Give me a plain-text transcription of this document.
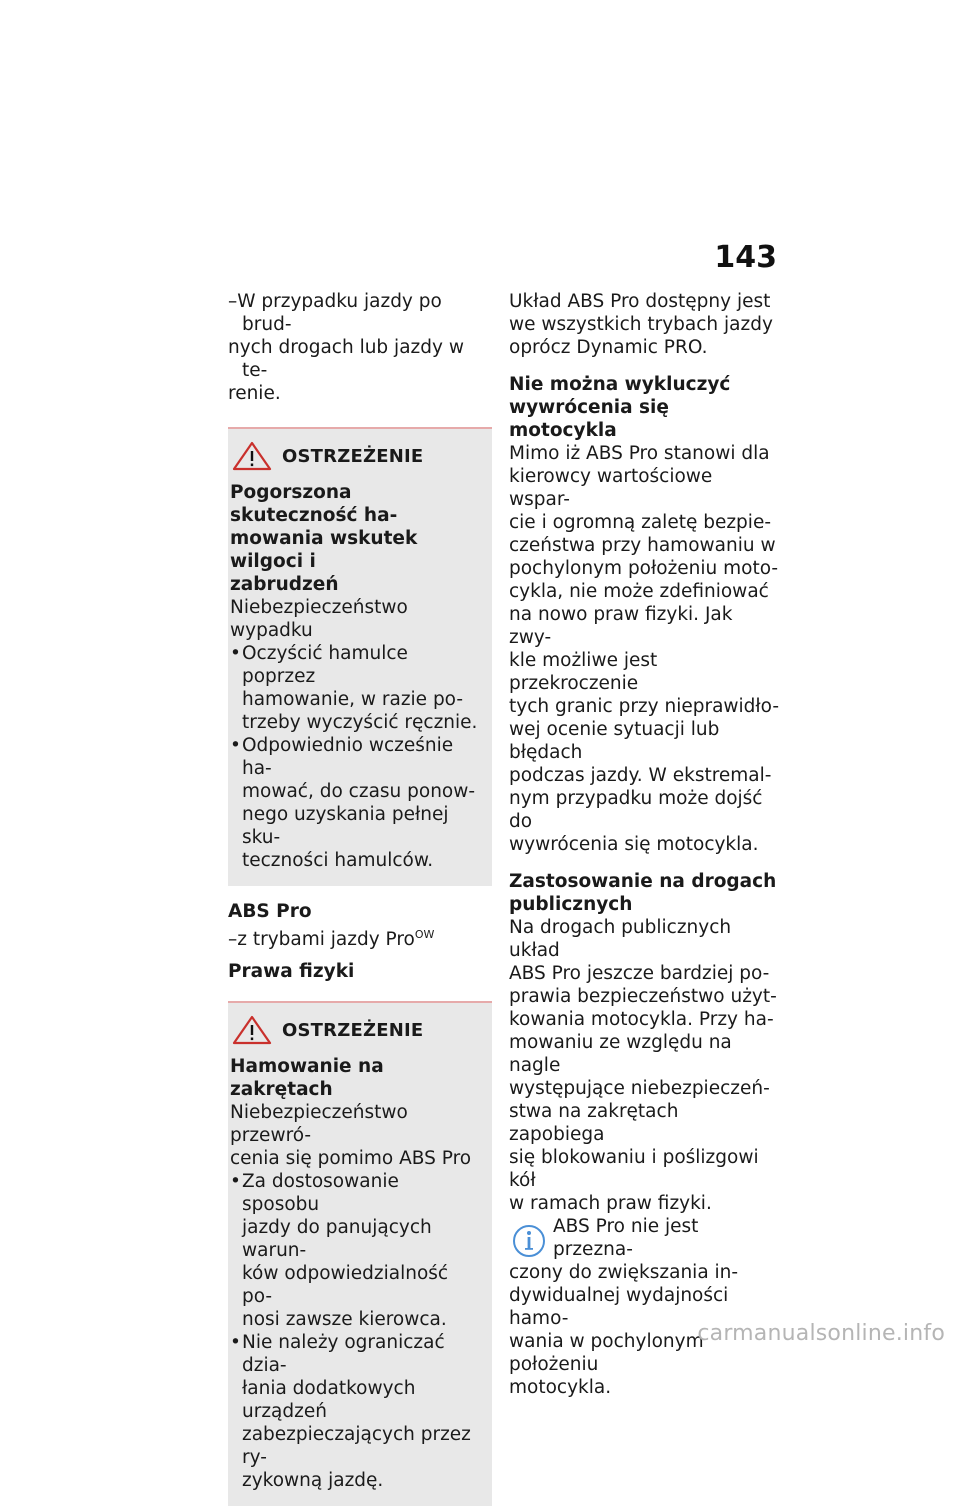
143

–W przypadku jazdy po brud-
nych drogach lub jazdy w te-
renie.

OSTRZEŻENIE

Pogorszona skuteczność ha-
mowania wskutek wilgoci i
zabrudzeń

Niebezpieczeństwo wypadku

• Oczyścić hamulce poprzez
hamowanie, w razie po-
trzeby wyczyścić ręcznie.
• Odpowiednio wcześnie ha-
mować, do czasu ponow-
nego uzyskania pełnej sku-
teczności hamulców.

ABS Pro

–z trybami jazdy Pro$^{OW}$

Prawa fizyki

OSTRZEŻENIE

Hamowanie na zakrętach

Niebezpieczeństwo przewró-
cenia się pomimo ABS Pro

• Za dostosowanie sposobu
jazdy do panujących warun-
ków odpowiedzialność po-
nosi zawsze kierowca.
• Nie należy ograniczać dzia-
łania dodatkowych urządzeń
zabezpieczających przez ry-
zykowną jazdę.

Układ ABS Pro dostępny jest
we wszystkich trybach jazdy
oprócz Dynamic PRO.

Nie można wykluczyć
wywrócenia się motocykla

Mimo iż ABS Pro stanowi dla
kierowcy wartościowe wspar-
cie i ogromną zaletę bezpie-
czeństwa przy hamowaniu w
pochylonym położeniu moto-
cykla, nie może zdefiniować
na nowo praw fizyki. Jak zwy-
kle możliwe jest przekroczenie
tych granic przy nieprawidło-
wej ocenie sytuacji lub błędach
podczas jazdy. W ekstremal-
nym przypadku może dojść do
wywrócenia się motocykla.

Zastosowanie na drogach
publicznych

Na drogach publicznych układ
ABS Pro jeszcze bardziej po-
prawia bezpieczeństwo użyt-
kowania motocykla. Przy ha-
mowaniu ze względu na nagle
występujące niebezpieczeń-
stwa na zakrętach zapobiega
się blokowaniu i poślizgowi kół
w ramach praw fizyki.

ABS Pro nie jest przezna-
czony do zwiększania in-
dywidualnej wydajności hamo-
wania w pochylonym położeniu
motocykla.

carmanualsonline.info
